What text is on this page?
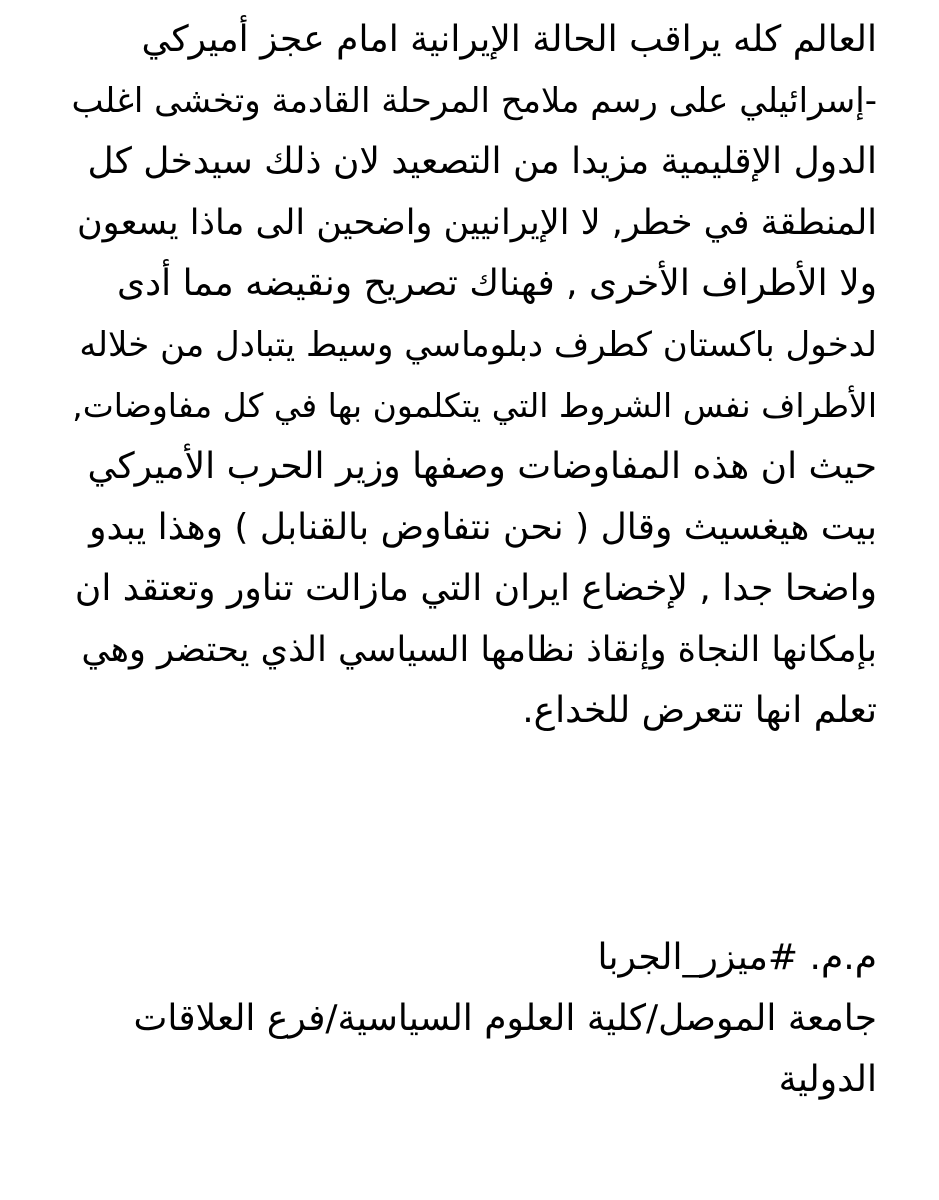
العالم كله يراقب الحالة الإيرانية امام عجز أميركي

-إسرائيلي على رسم ملامح المرحلة القادمة وتخشى اغلب

الدول الإقليمية مزيدا من التصعيد لان ذلك سيدخل كل

المنطقة في خطر, لا الإيرانيين واضحين الى ماذا يسعون

ولا الأطراف الأخرى , فهناك تصريح ونقيضه مما أدى

لدخول باكستان كطرف دبلوماسي وسيط يتبادل من خلاله

الأطراف نفس الشروط التي يتكلمون بها في كل مفاوضات,

حيث ان هذه المفاوضات وصفها وزير الحرب الأميركي

بيت هيغسيث وقال ( نحن نتفاوض بالقنابل ) وهذا يبدو

واضحا جدا , لإخضاع ايران التي مازالت تناور وتعتقد ان

بإمكانها النجاة وإنقاذ نظامها السياسي الذي يحتضر وهي

تعلم انها تتعرض للخداع.

م.م. #ميزر_الجربا

جامعة الموصل/كلية العلوم السياسية/فرع العلاقات

الدولية
